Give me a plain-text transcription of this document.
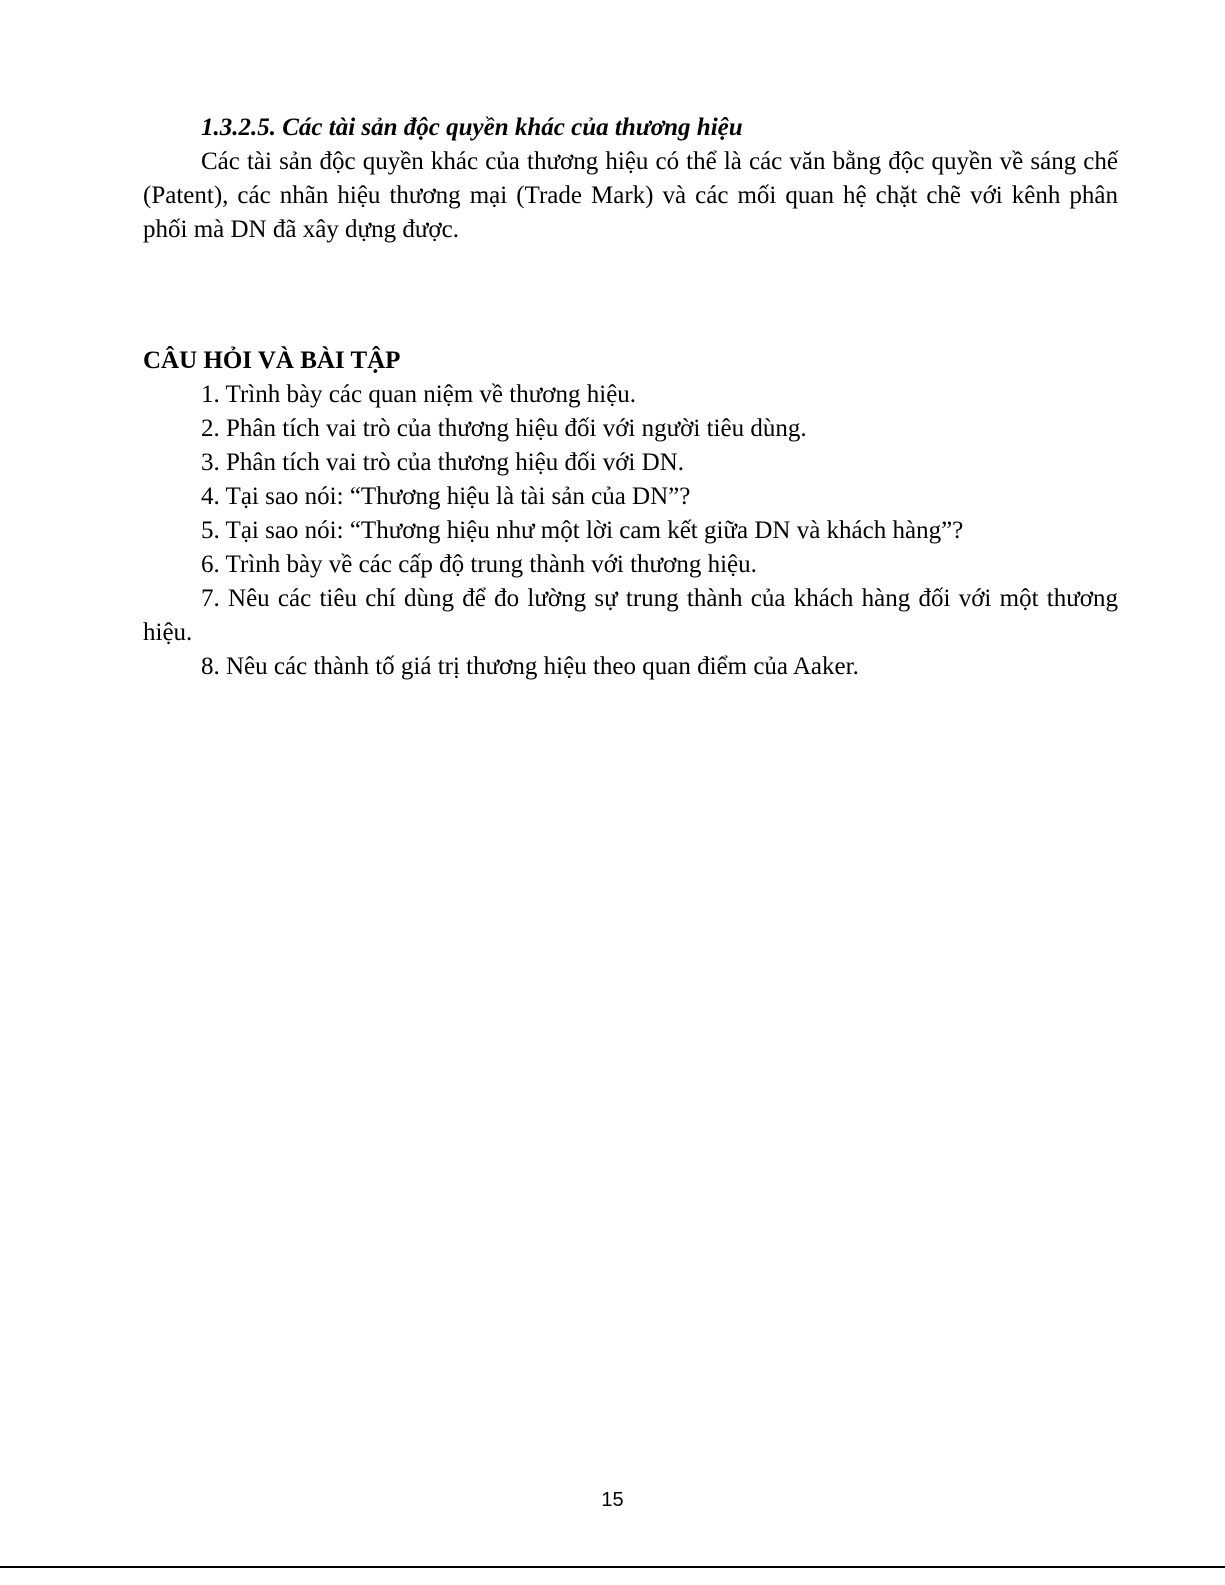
1.3.2.5. Các tài sản độc quyền khác của thương hiệu

Các tài sản độc quyền khác của thương hiệu có thể là các văn bằng độc quyền về sáng chế (Patent), các nhãn hiệu thương mại (Trade Mark) và các mối quan hệ chặt chẽ với kênh phân phối mà DN đã xây dựng được.

CÂU HỎI VÀ BÀI TẬP
1. Trình bày các quan niệm về thương hiệu.
2. Phân tích vai trò của thương hiệu đối với người tiêu dùng.
3. Phân tích vai trò của thương hiệu đối với DN.
4. Tại sao nói: “Thương hiệu là tài sản của DN”?
5. Tại sao nói: “Thương hiệu như một lời cam kết giữa DN và khách hàng”?
6. Trình bày về các cấp độ trung thành với thương hiệu.
7. Nêu các tiêu chí dùng để đo lường sự trung thành của khách hàng đối với một thương hiệu.
8. Nêu các thành tố giá trị thương hiệu theo quan điểm của Aaker.
15
